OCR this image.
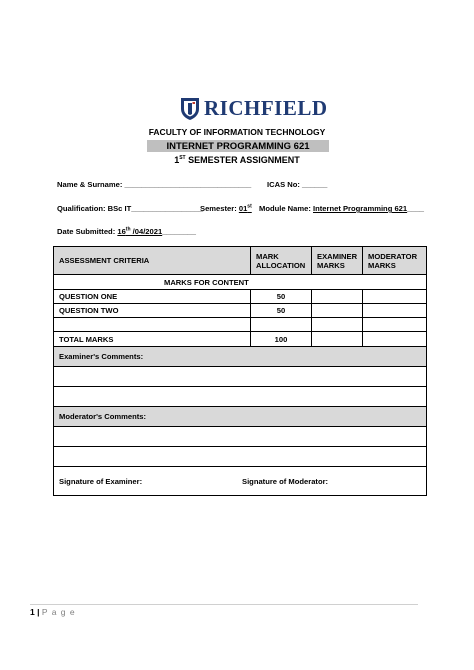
RICHFIELD
FACULTY OF INFORMATION TECHNOLOGY
INTERNET PROGRAMMING 621
1ST SEMESTER ASSIGNMENT
Name & Surname: ______________________________ ICAS No: ______
Qualification: BSc IT_________________
Semester: 01st Module Name: Internet Programming 621____
Date Submitted: 16th /04/2021________
ASSESSMENT CRITERIA	MARK ALLOCATION	EXAMINER MARKS	MODERATOR MARKS
MARKS FOR CONTENT			
QUESTION ONE	50		
QUESTION TWO	50		

TOTAL MARKS	100		
Examiner's Comments:			

Moderator's Comments:			

Signature of Examiner: Signature of Moderator:			
1 | P a g e
